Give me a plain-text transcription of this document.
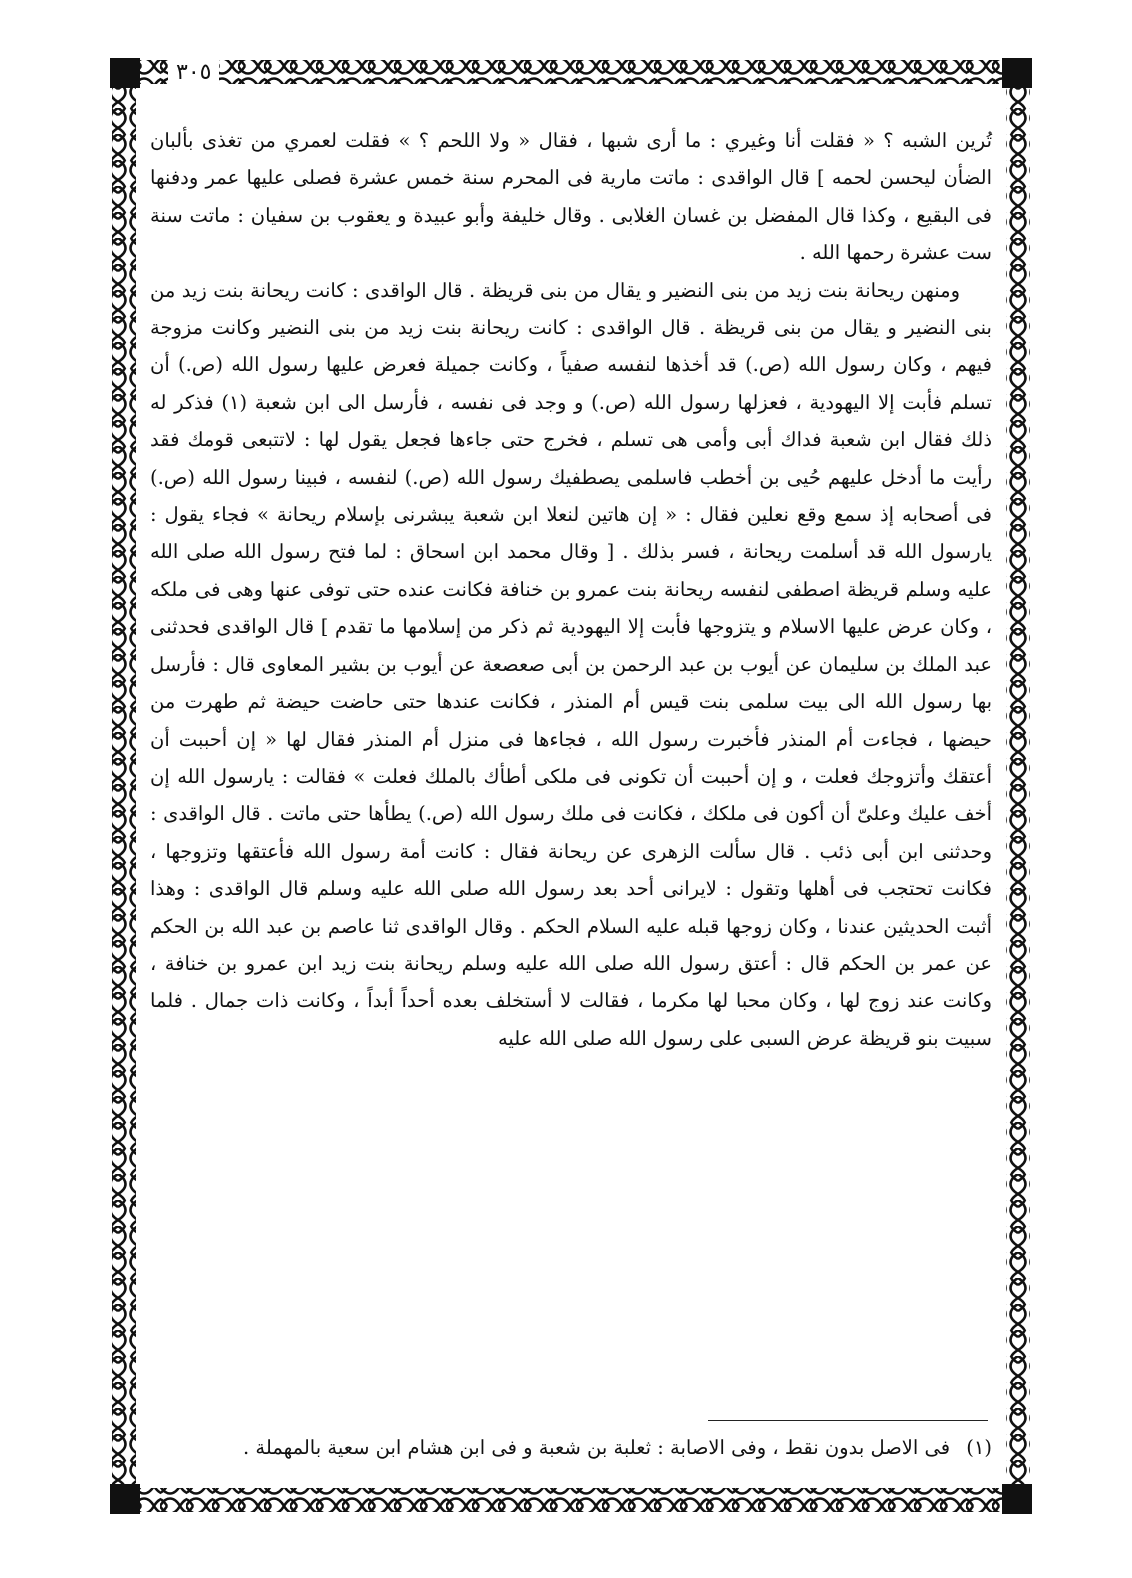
٣٠٥

تُرين الشبه ؟ « فقلت أنا وغيري : ما أرى شبها ، فقال « ولا اللحم ؟ » فقلت لعمري من تغذى بألبان الضأن ليحسن لحمه ] قال الواقدى : ماتت مارية فى المحرم سنة خمس عشرة فصلى عليها عمر ودفنها فى البقيع ، وكذا قال المفضل بن غسان الغلابى . وقال خليفة وأبو عبيدة و يعقوب بن سفيان : ماتت سنة ست عشرة رحمها الله .

ومنهن ريحانة بنت زيد من بنى النضير و يقال من بنى قريظة . قال الواقدى : كانت ريحانة بنت زيد من بنى النضير و يقال من بنى قريظة . قال الواقدى : كانت ريحانة بنت زيد من بنى النضير وكانت مزوجة فيهم ، وكان رسول الله (ص.) قد أخذها لنفسه صفياً ، وكانت جميلة فعرض عليها رسول الله (ص.) أن تسلم فأبت إلا اليهودية ، فعزلها رسول الله (ص.) و وجد فى نفسه ، فأرسل الى ابن شعبة (١) فذكر له ذلك فقال ابن شعبة فداك أبى وأمى هى تسلم ، فخرج حتى جاءها فجعل يقول لها : لاتتبعى قومك فقد رأيت ما أدخل عليهم حُيى بن أخطب فاسلمى يصطفيك رسول الله (ص.) لنفسه ، فبينا رسول الله (ص.) فى أصحابه إذ سمع وقع نعلين فقال : « إن هاتين لنعلا ابن شعبة يبشرنى بإسلام ريحانة » فجاء يقول : يارسول الله قد أسلمت ريحانة ، فسر بذلك . [ وقال محمد ابن اسحاق : لما فتح رسول الله صلى الله عليه وسلم قريظة اصطفى لنفسه ريحانة بنت عمرو بن خنافة فكانت عنده حتى توفى عنها وهى فى ملكه ، وكان عرض عليها الاسلام و يتزوجها فأبت إلا اليهودية ثم ذكر من إسلامها ما تقدم ] قال الواقدى فحدثنى عبد الملك بن سليمان عن أيوب بن عبد الرحمن بن أبى صعصعة عن أيوب بن بشير المعاوى قال : فأرسل بها رسول الله الى بيت سلمى بنت قيس أم المنذر ، فكانت عندها حتى حاضت حيضة ثم طهرت من حيضها ، فجاءت أم المنذر فأخبرت رسول الله ، فجاءها فى منزل أم المنذر فقال لها « إن أحببت أن أعتقك وأتزوجك فعلت ، و إن أحببت أن تكونى فى ملكى أطأك بالملك فعلت » فقالت : يارسول الله إن أخف عليك وعلىّ أن أكون فى ملكك ، فكانت فى ملك رسول الله (ص.) يطأها حتى ماتت . قال الواقدى : وحدثنى ابن أبى ذئب . قال سألت الزهرى عن ريحانة فقال : كانت أمة رسول الله فأعتقها وتزوجها ، فكانت تحتجب فى أهلها وتقول : لايرانى أحد بعد رسول الله صلى الله عليه وسلم قال الواقدى : وهذا أثبت الحديثين عندنا ، وكان زوجها قبله عليه السلام الحكم . وقال الواقدى ثنا عاصم بن عبد الله بن الحكم عن عمر بن الحكم قال : أعتق رسول الله صلى الله عليه وسلم ريحانة بنت زيد ابن عمرو بن خنافة ، وكانت عند زوج لها ، وكان محبا لها مكرما ، فقالت لا أستخلف بعده أحداً أبداً ، وكانت ذات جمال . فلما سبيت بنو قريظة عرض السبى على رسول الله صلى الله عليه

(١) فى الاصل بدون نقط ، وفى الاصابة : ثعلبة بن شعبة و فى ابن هشام ابن سعية بالمهملة .
